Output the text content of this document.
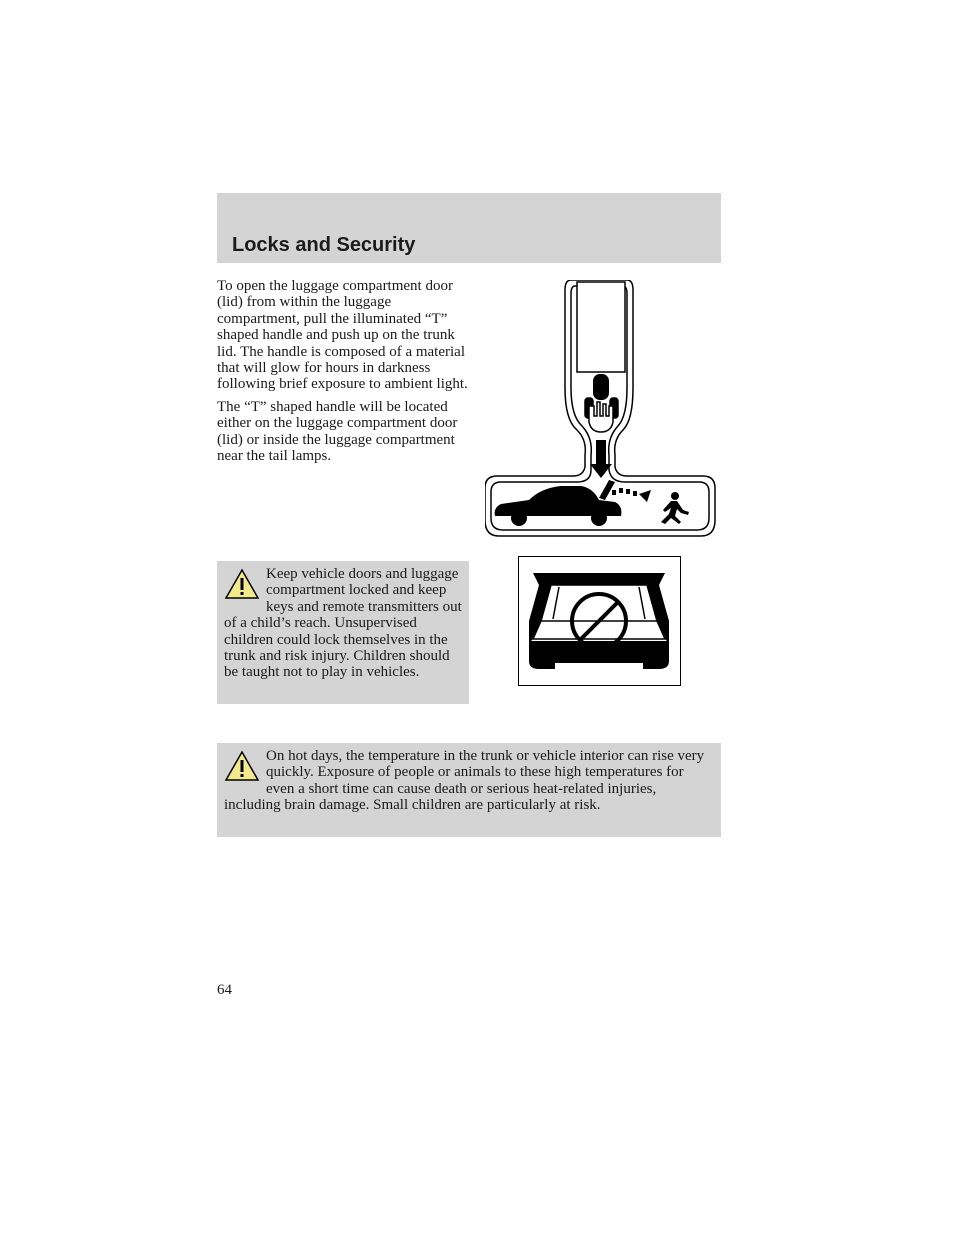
Locks and Security

To open the luggage compartment door (lid) from within the luggage compartment, pull the illuminated “T” shaped handle and push up on the trunk lid. The handle is composed of a material that will glow for hours in darkness following brief exposure to ambient light.

The “T” shaped handle will be located either on the luggage compartment door (lid) or inside the luggage compartment near the tail lamps.

Keep vehicle doors and luggage compartment locked and keep keys and remote transmitters out of a child’s reach. Unsupervised children could lock themselves in the trunk and risk injury. Children should be taught not to play in vehicles.
On hot days, the temperature in the trunk or vehicle interior can rise very quickly. Exposure of people or animals to these high temperatures for even a short time can cause death or serious heat-related injuries, including brain damage. Small children are particularly at risk.
64
